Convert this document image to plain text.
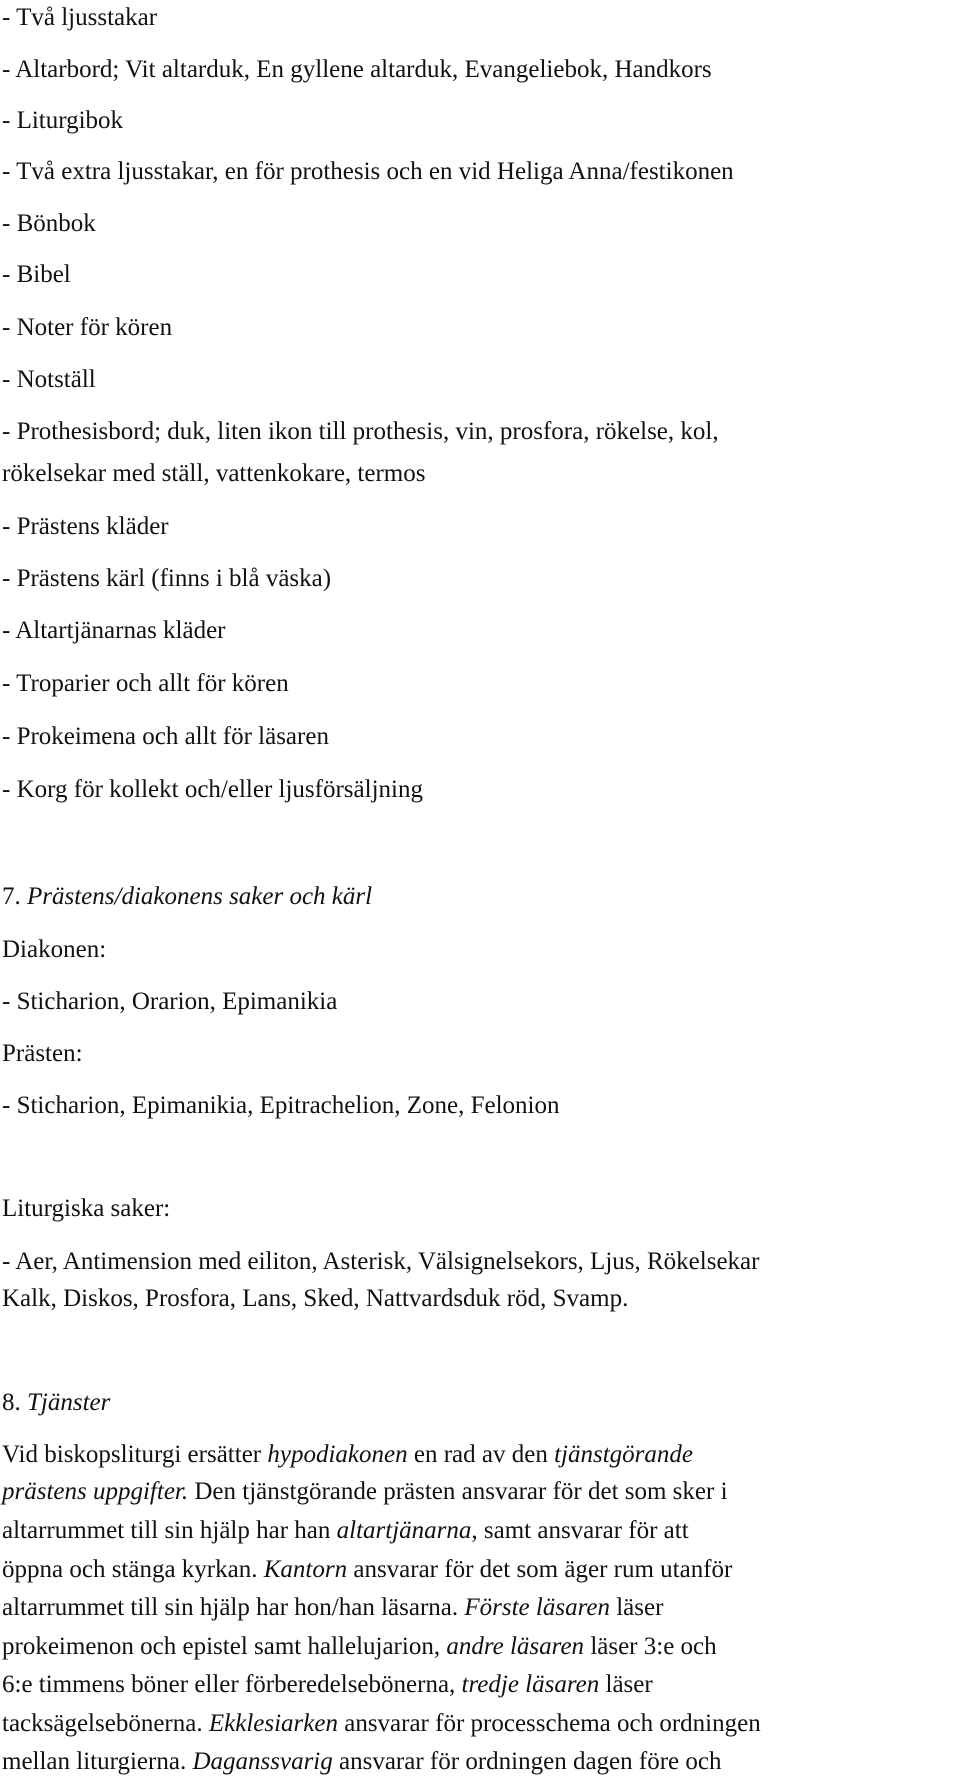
- Två ljusstakar
- Altarbord; Vit altarduk, En gyllene altarduk, Evangeliebok, Handkors
- Liturgibok
- Två extra ljusstakar, en för prothesis och en vid Heliga Anna/festikonen
- Bönbok
- Bibel
- Noter för kören
- Notställ
- Prothesisbord; duk, liten ikon till prothesis, vin, prosfora, rökelse, kol,
rökelsekar med ställ, vattenkokare, termos
- Prästens kläder
- Prästens kärl (finns i blå väska)
- Altartjänarnas kläder
- Troparier och allt för kören
- Prokeimena och allt för läsaren
- Korg för kollekt och/eller ljusförsäljning
7. Prästens/diakonens saker och kärl
Diakonen:
- Sticharion, Orarion, Epimanikia
Prästen:
- Sticharion, Epimanikia, Epitrachelion, Zone, Felonion
Liturgiska saker:
- Aer, Antimension med eiliton, Asterisk, Välsignelsekors, Ljus, Rökelsekar
Kalk, Diskos, Prosfora, Lans, Sked, Nattvardsduk röd, Svamp.
8. Tjänster
Vid biskopsliturgi ersätter hypodiakonen en rad av den tjänstgörande
prästens uppgifter. Den tjänstgörande prästen ansvarar för det som sker i
altarrummet till sin hjälp har han altartjänarna, samt ansvarar för att
öppna och stänga kyrkan. Kantorn ansvarar för det som äger rum utanför
altarrummet till sin hjälp har hon/han läsarna. Förste läsaren läser
prokeimenon och epistel samt hallelujarion, andre läsaren läser 3:e och
6:e timmens böner eller förberedelsebönerna, tredje läsaren läser
tacksägelsebönerna. Ekklesiarken ansvarar för processchema och ordningen
mellan liturgierna. Daganssvarig ansvarar för ordningen dagen före och
